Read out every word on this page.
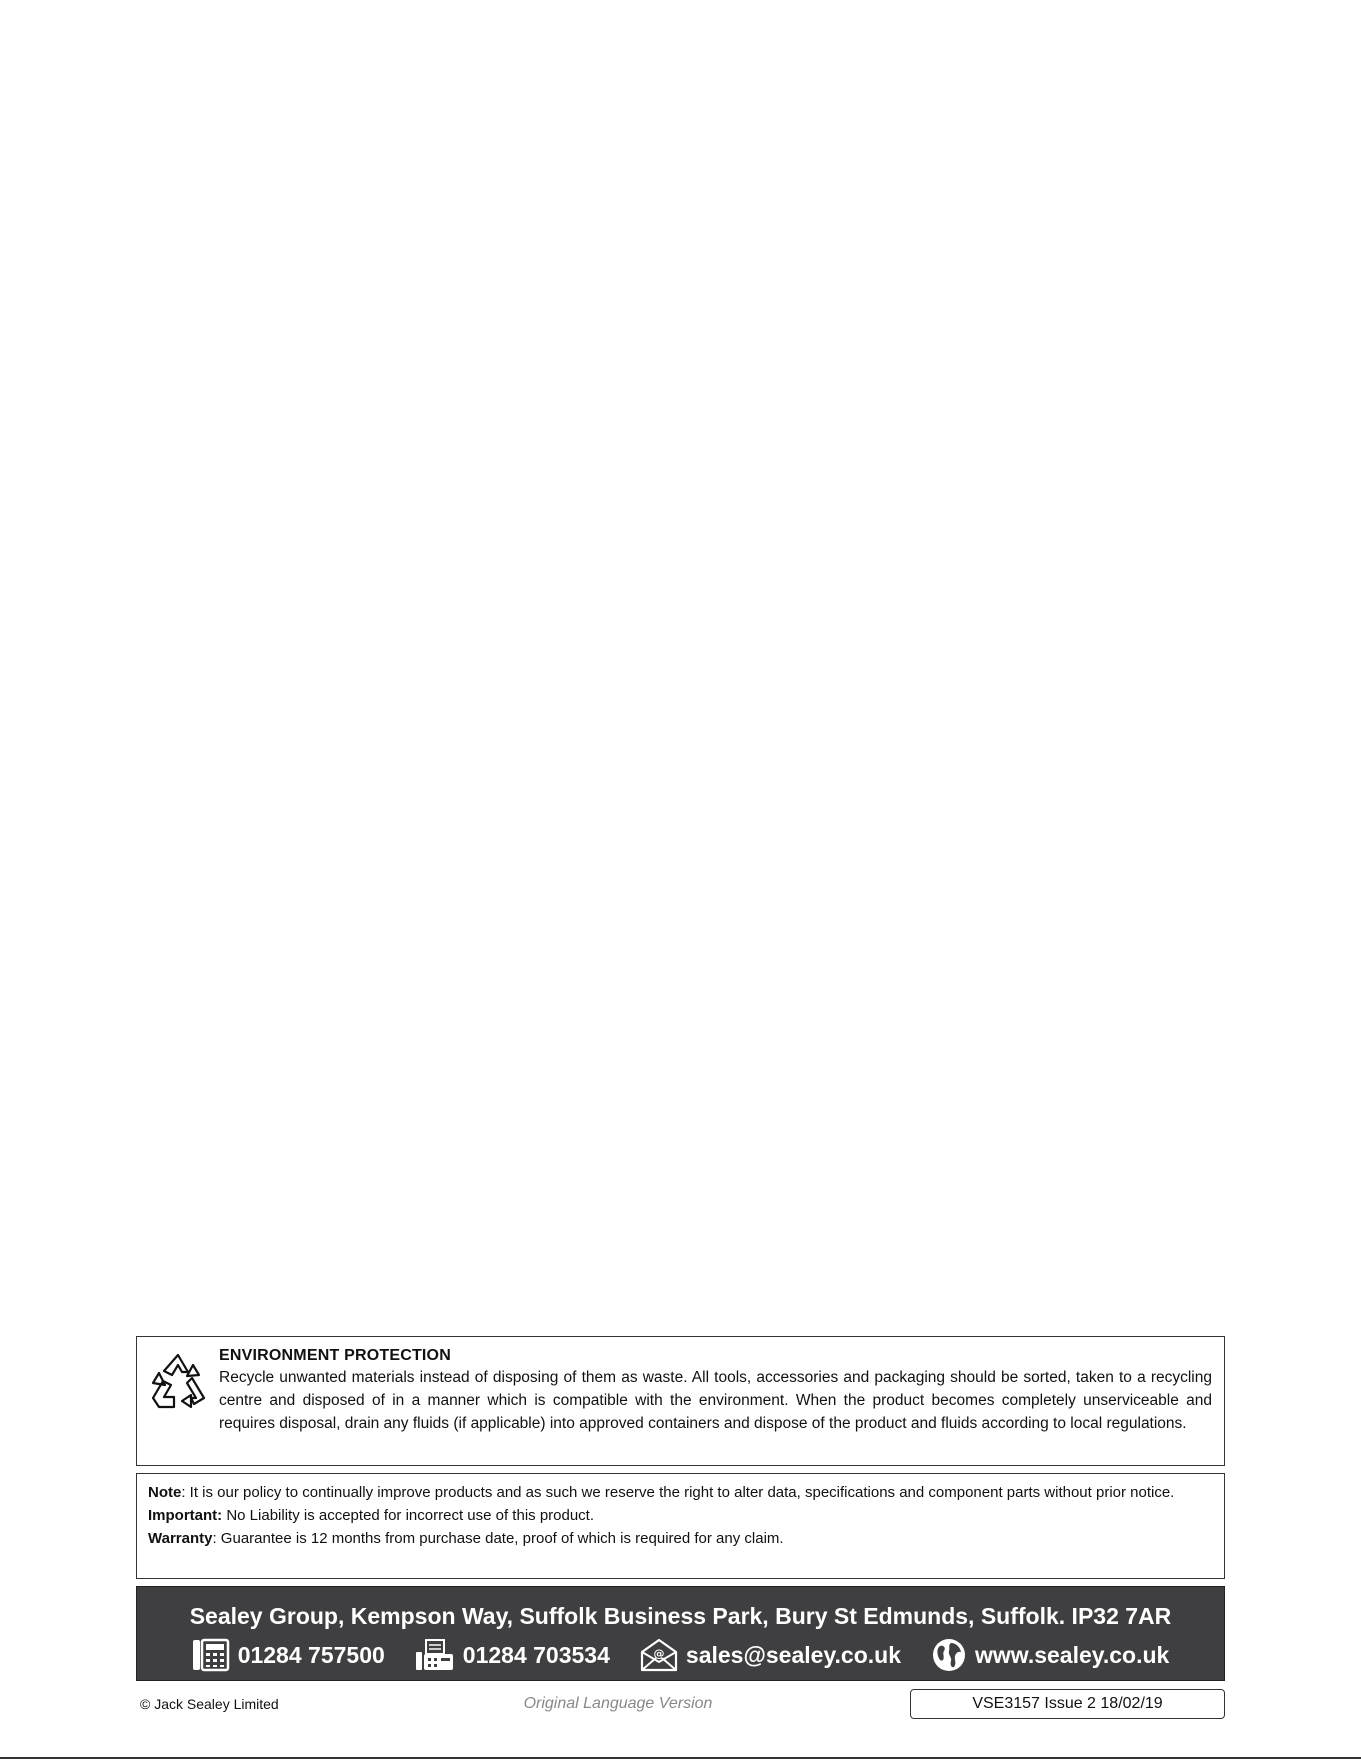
ENVIRONMENT PROTECTION
Recycle unwanted materials instead of disposing of them as waste. All tools, accessories and packaging should be sorted, taken to a recycling centre and disposed of in a manner which is compatible with the environment. When the product becomes completely unserviceable and requires disposal, drain any fluids (if applicable) into approved containers and dispose of the product and fluids according to local regulations.

Note: It is our policy to continually improve products and as such we reserve the right to alter data, specifications and component parts without prior notice.

Important: No Liability is accepted for incorrect use of this product.

Warranty: Guarantee is 12 months from purchase date, proof of which is required for any claim.

Sealey Group, Kempson Way, Suffolk Business Park, Bury St Edmunds, Suffolk. IP32 7AR
01284 757500	01284 703534	@ sales@sealey.co.uk	www.sealey.co.uk
© Jack Sealey Limited	Original Language Version	VSE3157 Issue 2 18/02/19
